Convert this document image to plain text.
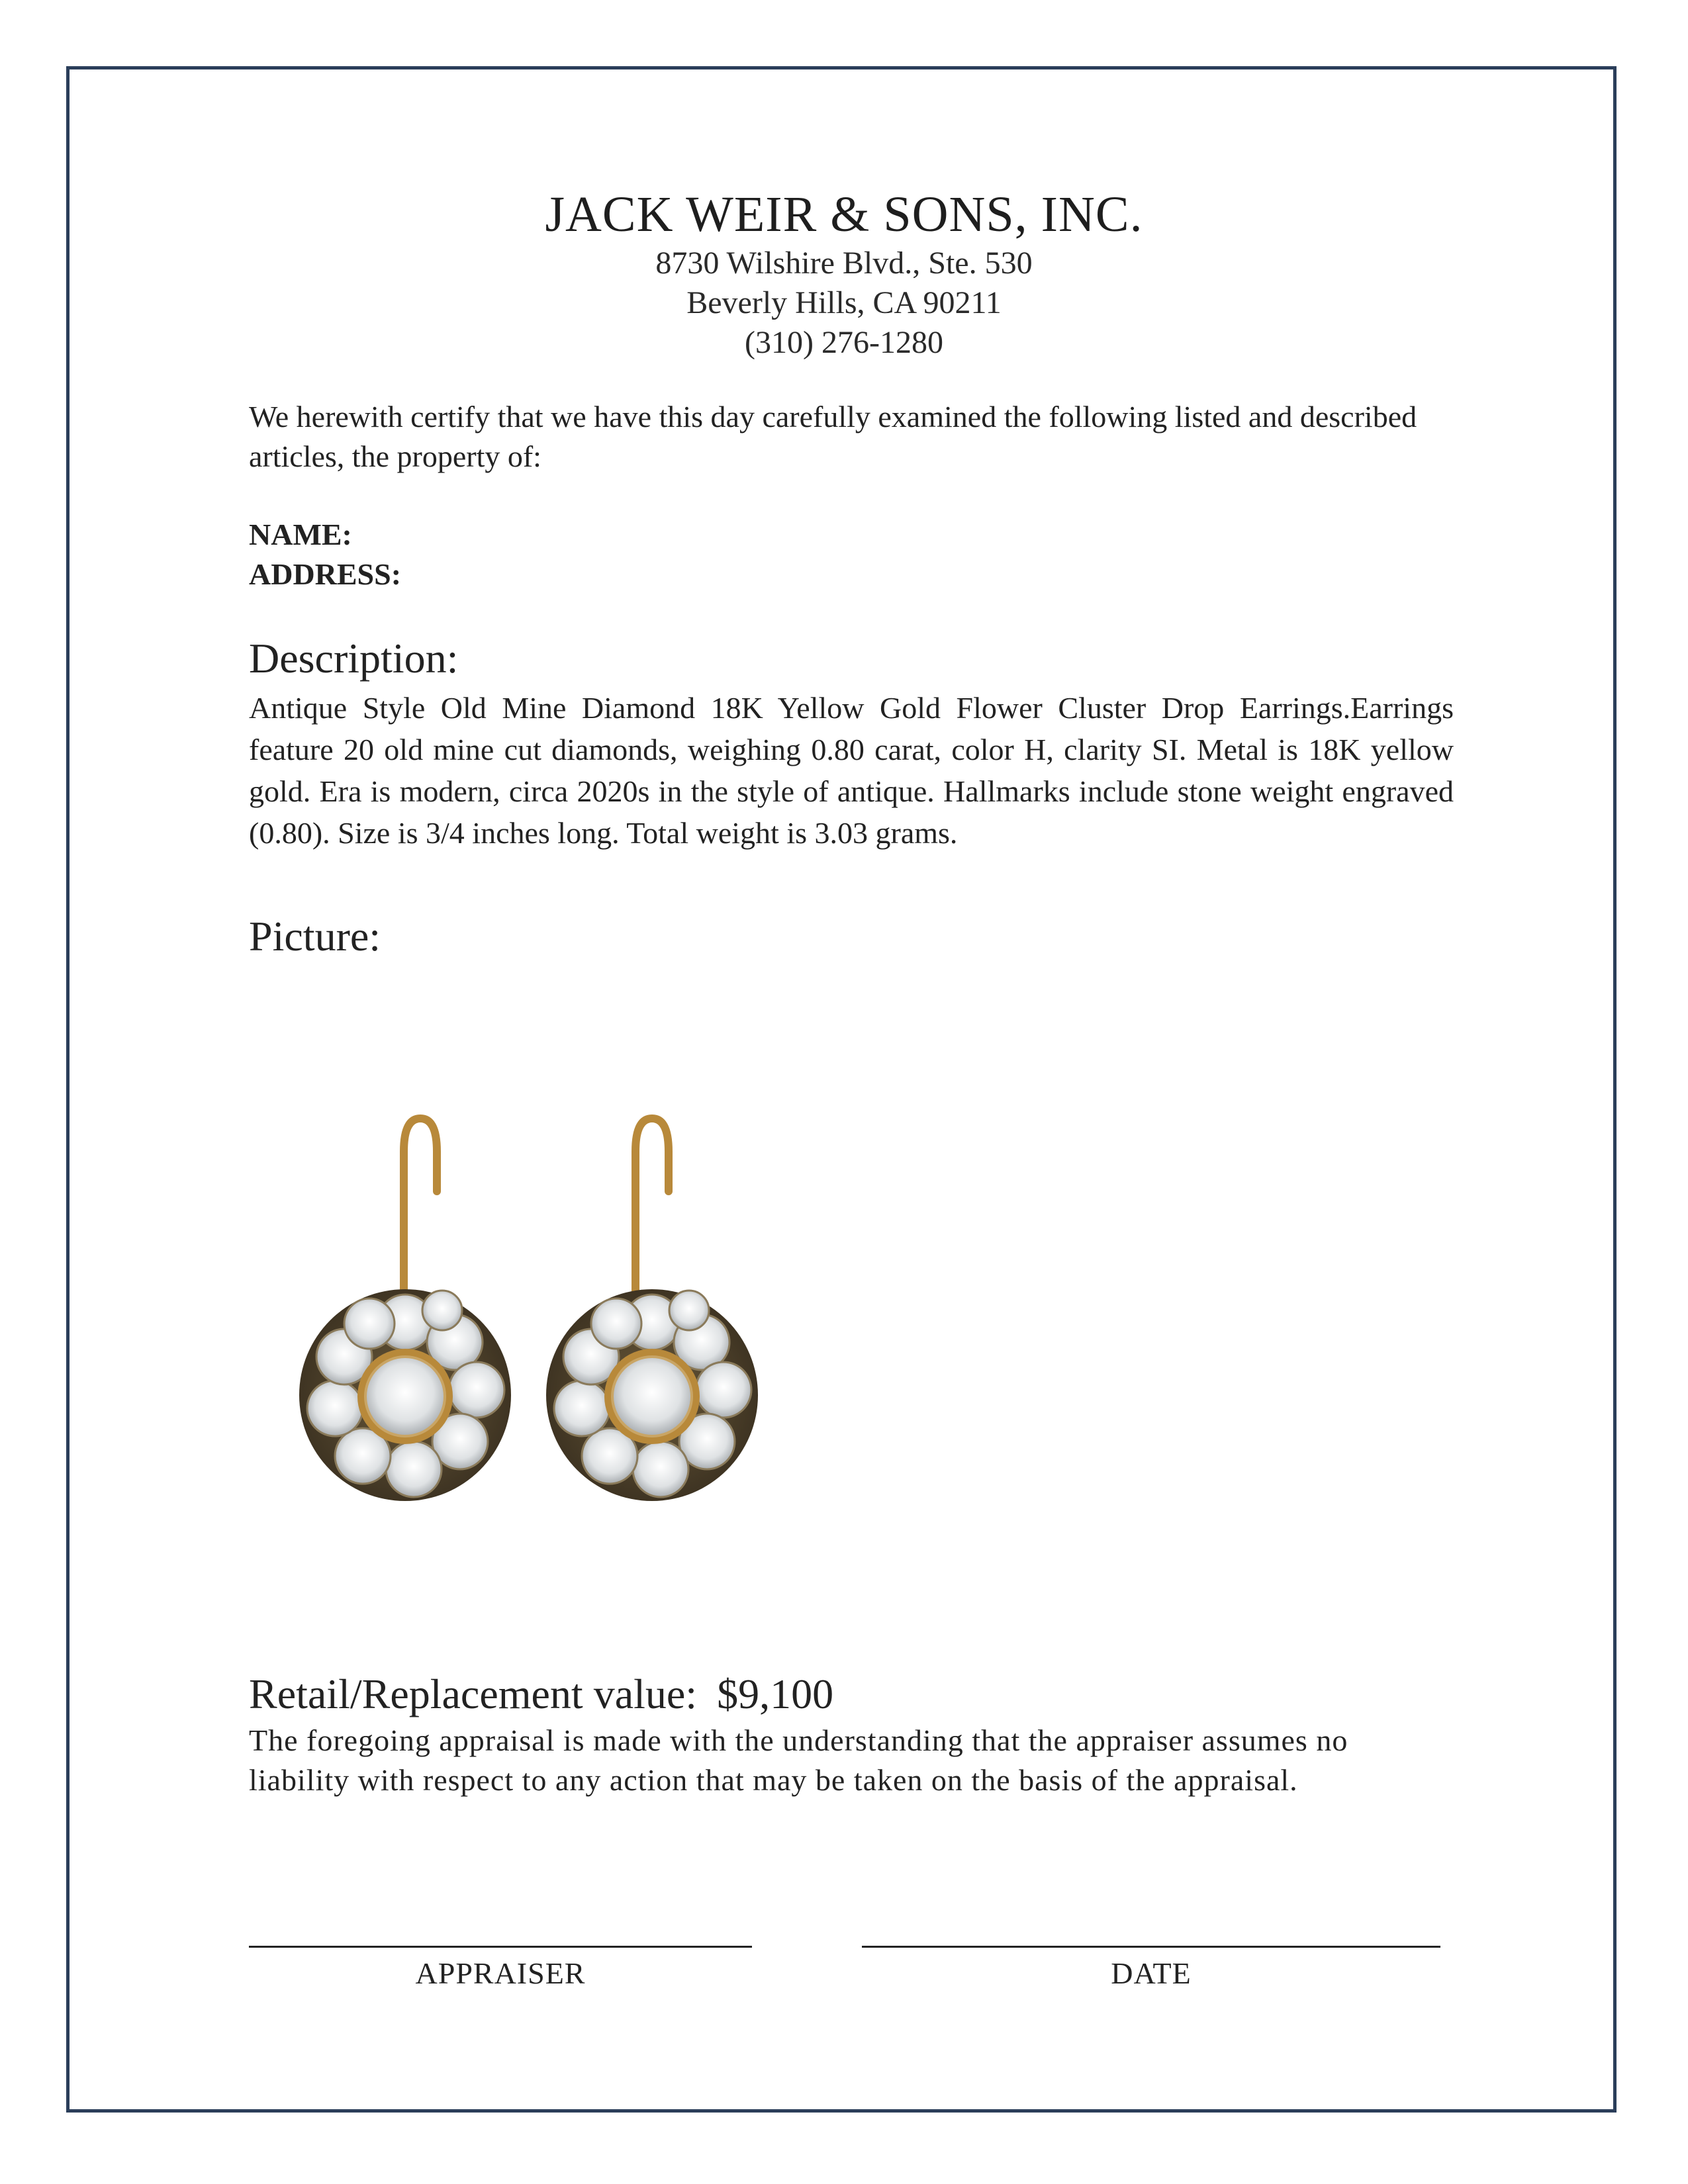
JACK WEIR & SONS, INC.
8730 Wilshire Blvd., Ste. 530
Beverly Hills, CA 90211
(310) 276-1280
We herewith certify that we have this day carefully examined the following listed and described articles, the property of:
NAME:
ADDRESS:
Description:
Antique Style Old Mine Diamond 18K Yellow Gold Flower Cluster Drop Earrings.Earrings feature 20 old mine cut diamonds, weighing 0.80 carat, color H, clarity SI. Metal is 18K yellow gold. Era is modern, circa 2020s in the style of antique. Hallmarks include stone weight engraved (0.80). Size is 3/4 inches long. Total weight is 3.03 grams.
Picture:
Retail/Replacement value: $9,100
The foregoing appraisal is made with the understanding that the appraiser assumes no liability with respect to any action that may be taken on the basis of the appraisal.
APPRAISER	DATE
